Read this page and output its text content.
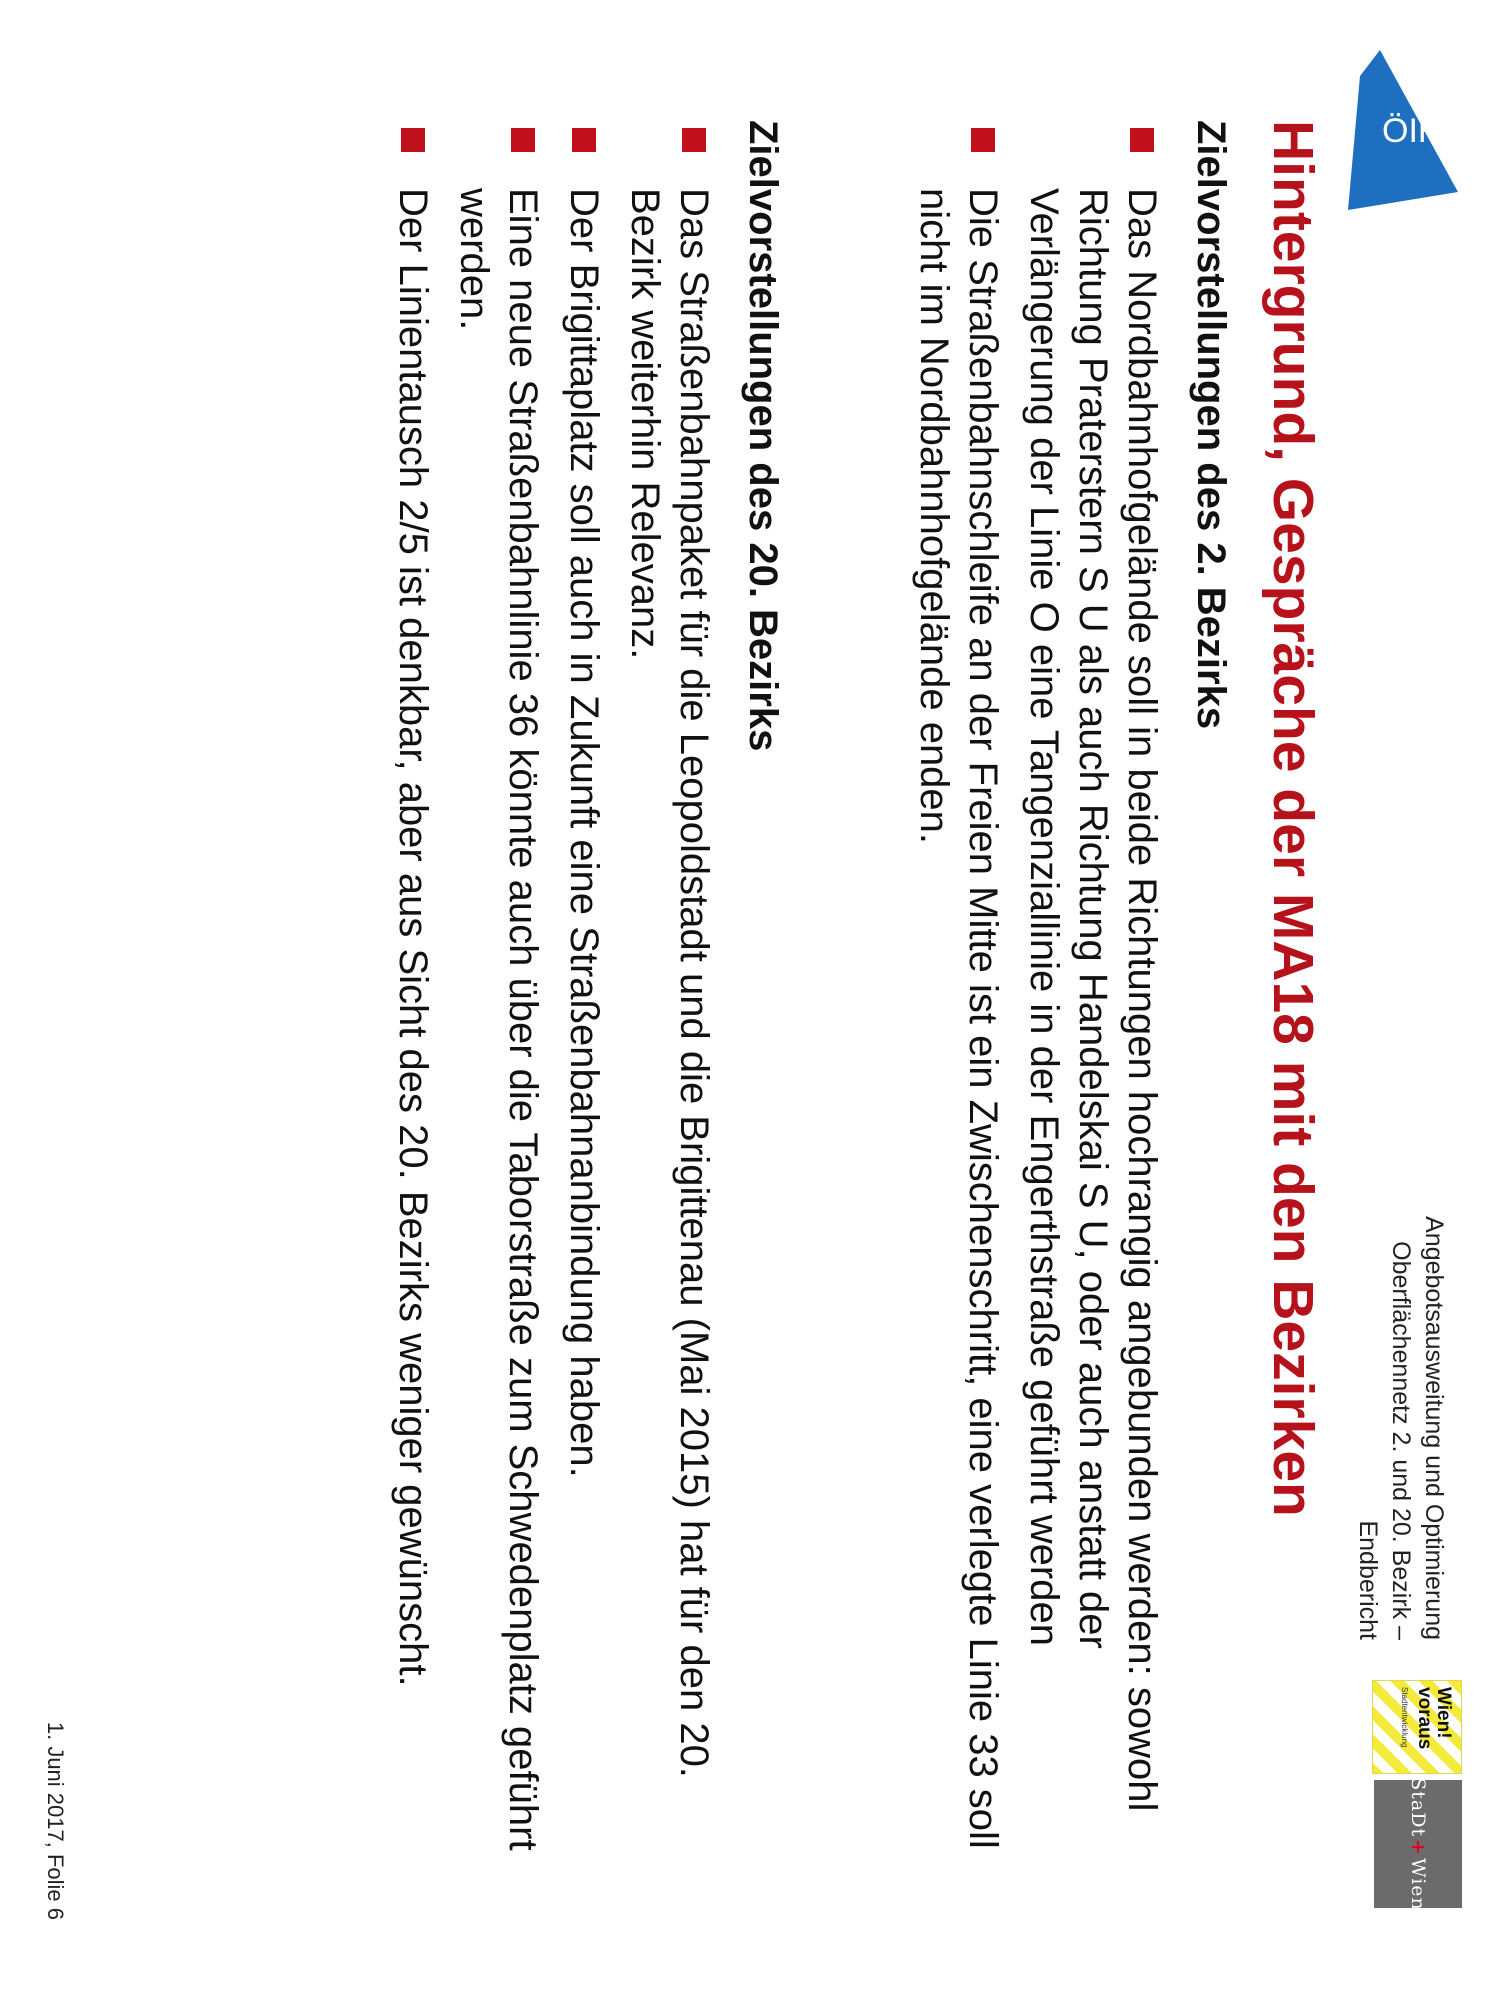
ÖIR
Angebotsausweitung und Optimierung
Oberflächennetz 2. und 20. Bezirk – Endbericht
Wien!
voraus
Stadtentwicklung
StaDt
+
Wien
Hintergrund, Gespräche der MA18 mit den Bezirken
Zielvorstellungen des 2. Bezirks
Das Nordbahnhofgelände soll in beide Richtungen hochrangig angebunden werden: sowohl Richtung Praterstern S U als auch Richtung Handelskai S U, oder auch anstatt der Verlängerung der Linie O eine Tangenziallinie in der Engerthstraße geführt werden
Die Straßenbahnschleife an der Freien Mitte ist ein Zwischenschritt, eine verlegte Linie 33 soll nicht im Nordbahnhofgelände enden.
Zielvorstellungen des 20. Bezirks
Das Straßenbahnpaket für die Leopoldstadt und die Brigittenau (Mai 2015) hat für den 20. Bezirk weiterhin Relevanz.
Der Brigittaplatz soll auch in Zukunft eine Straßenbahnanbindung haben.
Eine neue Straßenbahnlinie 36 könnte auch über die Taborstraße zum Schwedenplatz geführt werden.
Der Linientausch 2/5 ist denkbar, aber aus Sicht des 20. Bezirks weniger gewünscht.
1. Juni 2017, Folie 6
